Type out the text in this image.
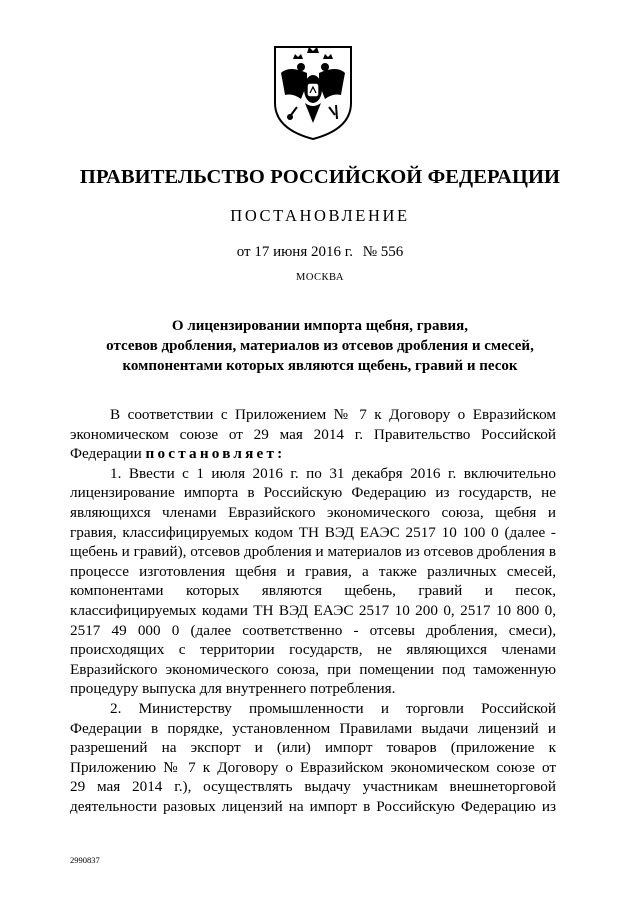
ПРАВИТЕЛЬСТВО РОССИЙСКОЙ ФЕДЕРАЦИИ
ПОСТАНОВЛЕНИЕ
от 17 июня 2016 г. № 556
МОСКВА
О лицензировании импорта щебня, гравия,
отсевов дробления, материалов из отсевов дробления и смесей,
компонентами которых являются щебень, гравий и песок
В соответствии с Приложением № 7 к Договору о Евразийском
экономическом союзе от 29 мая 2014 г. Правительство Российской
Федерации постановляет:
1. Ввести с 1 июля 2016 г. по 31 декабря 2016 г. включительно
лицензирование импорта в Российскую Федерацию из государств, не
являющихся членами Евразийского экономического союза, щебня и
гравия, классифицируемых кодом ТН ВЭД ЕАЭС 2517 10 100 0 (далее -
щебень и гравий), отсевов дробления и материалов из отсевов дробления в
процессе изготовления щебня и гравия, а также различных смесей,
компонентами которых являются щебень, гравий и песок,
классифицируемых кодами ТН ВЭД ЕАЭС 2517 10 200 0, 2517 10 800 0,
2517 49 000 0 (далее соответственно - отсевы дробления, смеси),
происходящих с территории государств, не являющихся членами
Евразийского экономического союза, при помещении под таможенную
процедуру выпуска для внутреннего потребления.
2. Министерству промышленности и торговли Российской
Федерации в порядке, установленном Правилами выдачи лицензий и
разрешений на экспорт и (или) импорт товаров (приложение к
Приложению № 7 к Договору о Евразийском экономическом союзе от
29 мая 2014 г.), осуществлять выдачу участникам внешнеторговой
деятельности разовых лицензий на импорт в Российскую Федерацию из
2990837
